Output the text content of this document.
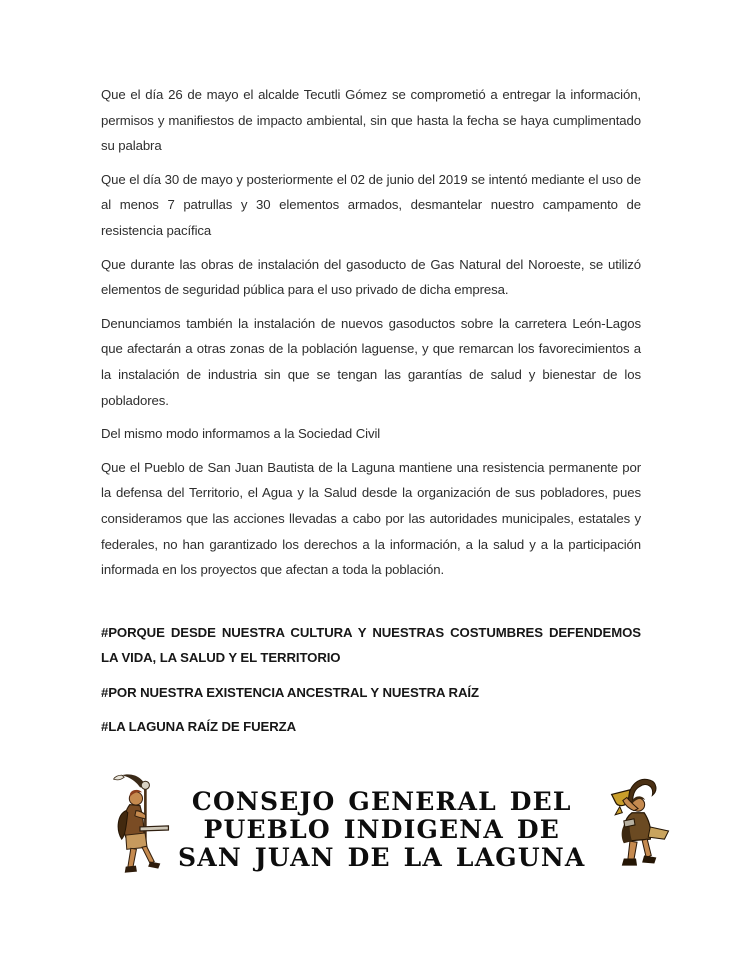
Que el día 26 de mayo el alcalde Tecutli Gómez se comprometió a entregar la información, permisos y manifiestos de impacto ambiental, sin que hasta la fecha se haya cumplimentado su palabra

Que el día 30 de mayo y posteriormente el 02 de junio del 2019 se intentó mediante el uso de al menos 7 patrullas y 30 elementos armados, desmantelar nuestro campamento de resistencia pacífica

Que durante las obras de instalación del gasoducto de Gas Natural del Noroeste, se utilizó elementos de seguridad pública para el uso privado de dicha empresa.

Denunciamos también la instalación de nuevos gasoductos sobre la carretera León-Lagos que afectarán a otras zonas de la población laguense, y que remarcan los favorecimientos a la instalación de industria sin que se tengan las garantías de salud y bienestar de los pobladores.

Del mismo modo informamos a la Sociedad Civil

Que el Pueblo de San Juan Bautista de la Laguna mantiene una resistencia permanente por la defensa del Territorio, el Agua y la Salud desde la organización de sus pobladores, pues consideramos que las acciones llevadas a cabo por las autoridades municipales, estatales y federales, no han garantizado los derechos a la información, a la salud y a la participación informada en los proyectos que afectan a toda la población.

#PORQUE DESDE NUESTRA CULTURA Y NUESTRAS COSTUMBRES DEFENDEMOS LA VIDA, LA SALUD Y EL TERRITORIO

#POR NUESTRA EXISTENCIA ANCESTRAL Y NUESTRA RAÍZ

#LA LAGUNA RAÍZ DE FUERZA

CONSEJO GENERAL DEL
PUEBLO INDIGENA DE
SAN JUAN DE LA LAGUNA
